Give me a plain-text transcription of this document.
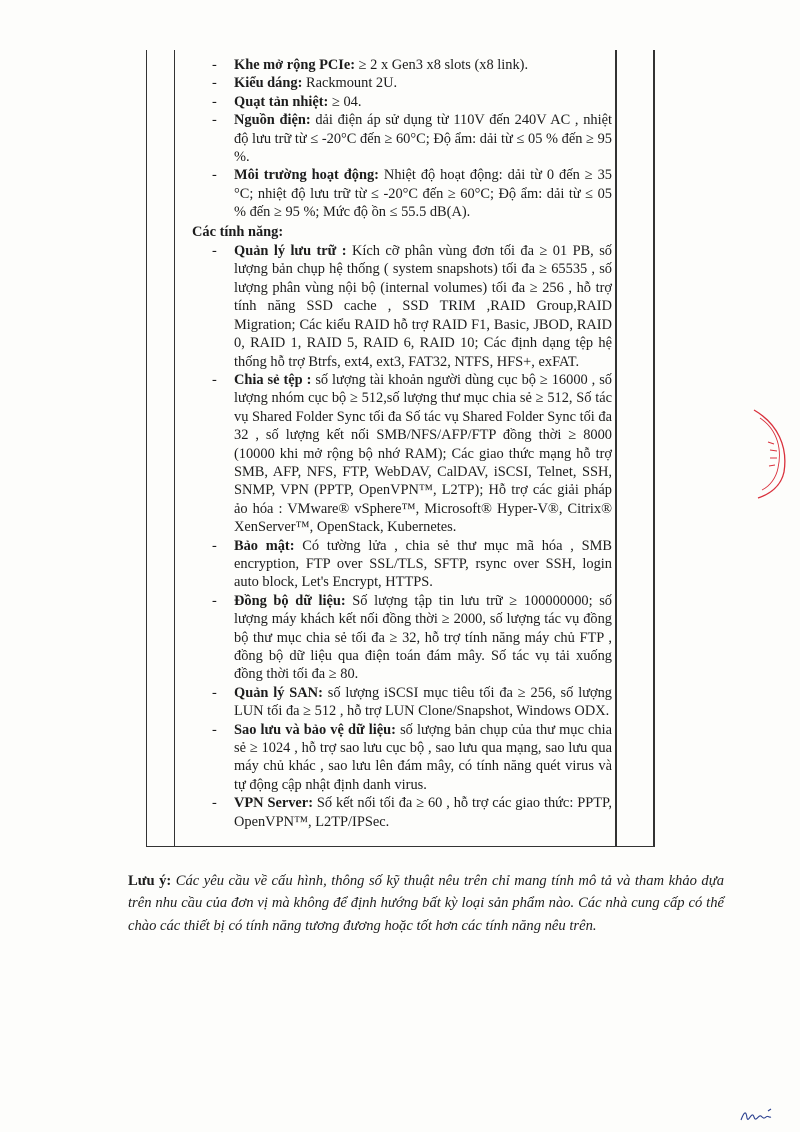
- Khe mở rộng PCIe: ≥ 2 x Gen3 x8 slots (x8 link).
- Kiểu dáng: Rackmount 2U.
- Quạt tản nhiệt: ≥ 04.
- Nguồn điện: dải điện áp sử dụng từ 110V đến 240V AC , nhiệt độ lưu trữ từ ≤ -20°C đến ≥ 60°C; Độ ẩm: dải từ ≤ 05 % đến ≥ 95 %.
- Môi trường hoạt động: Nhiệt độ hoạt động: dải từ 0 đến ≥ 35 °C; nhiệt độ lưu trữ từ ≤ -20°C đến ≥ 60°C; Độ ẩm: dải từ ≤ 05 % đến ≥ 95 %; Mức độ ồn ≤ 55.5 dB(A).
Các tính năng:
- Quản lý lưu trữ : Kích cỡ phân vùng đơn tối đa ≥ 01 PB, số lượng bản chụp hệ thống ( system snapshots) tối đa ≥ 65535 , số lượng phân vùng nội bộ (internal volumes) tối đa ≥ 256 , hỗ trợ tính năng SSD cache , SSD TRIM ,RAID Group,RAID Migration; Các kiểu RAID hỗ trợ RAID F1, Basic, JBOD, RAID 0, RAID 1, RAID 5, RAID 6, RAID 10; Các định dạng tệp hệ thống hỗ trợ Btrfs, ext4, ext3, FAT32, NTFS, HFS+, exFAT.
- Chia sẻ tệp : số lượng tài khoản người dùng cục bộ ≥ 16000 , số lượng nhóm cục bộ ≥ 512,số lượng thư mục chia sẻ ≥ 512, Số tác vụ Shared Folder Sync tối đa Số tác vụ Shared Folder Sync tối đa 32 , số lượng kết nối SMB/NFS/AFP/FTP đồng thời ≥ 8000 (10000 khi mở rộng bộ nhớ RAM); Các giao thức mạng hỗ trợ SMB, AFP, NFS, FTP, WebDAV, CalDAV, iSCSI, Telnet, SSH, SNMP, VPN (PPTP, OpenVPN™, L2TP); Hỗ trợ các giải pháp ảo hóa : VMware® vSphere™, Microsoft® Hyper-V®, Citrix® XenServer™, OpenStack, Kubernetes.
- Bảo mật: Có tường lửa , chia sẻ thư mục mã hóa , SMB encryption, FTP over SSL/TLS, SFTP, rsync over SSH, login auto block, Let's Encrypt, HTTPS.
- Đồng bộ dữ liệu: Số lượng tập tin lưu trữ ≥ 100000000; số lượng máy khách kết nối đồng thời ≥ 2000, số lượng tác vụ đồng bộ thư mục chia sẻ tối đa ≥ 32, hỗ trợ tính năng máy chủ FTP , đồng bộ dữ liệu qua điện toán đám mây. Số tác vụ tải xuống đồng thời tối đa ≥ 80.
- Quản lý SAN: số lượng iSCSI mục tiêu tối đa ≥ 256, số lượng LUN tối đa ≥ 512 , hỗ trợ LUN Clone/Snapshot, Windows ODX.
- Sao lưu và bảo vệ dữ liệu: số lượng bản chụp của thư mục chia sẻ ≥ 1024 , hỗ trợ sao lưu cục bộ , sao lưu qua mạng, sao lưu qua máy chủ khác , sao lưu lên đám mây, có tính năng quét virus và tự động cập nhật định danh virus.
- VPN Server: Số kết nối tối đa ≥ 60 , hỗ trợ các giao thức: PPTP, OpenVPN™, L2TP/IPSec.
Lưu ý: Các yêu cầu về cấu hình, thông số kỹ thuật nêu trên chỉ mang tính mô tả và tham khảo dựa trên nhu cầu của đơn vị mà không để định hướng bất kỳ loại sản phẩm nào. Các nhà cung cấp có thể chào các thiết bị có tính năng tương đương hoặc tốt hơn các tính năng nêu trên.
